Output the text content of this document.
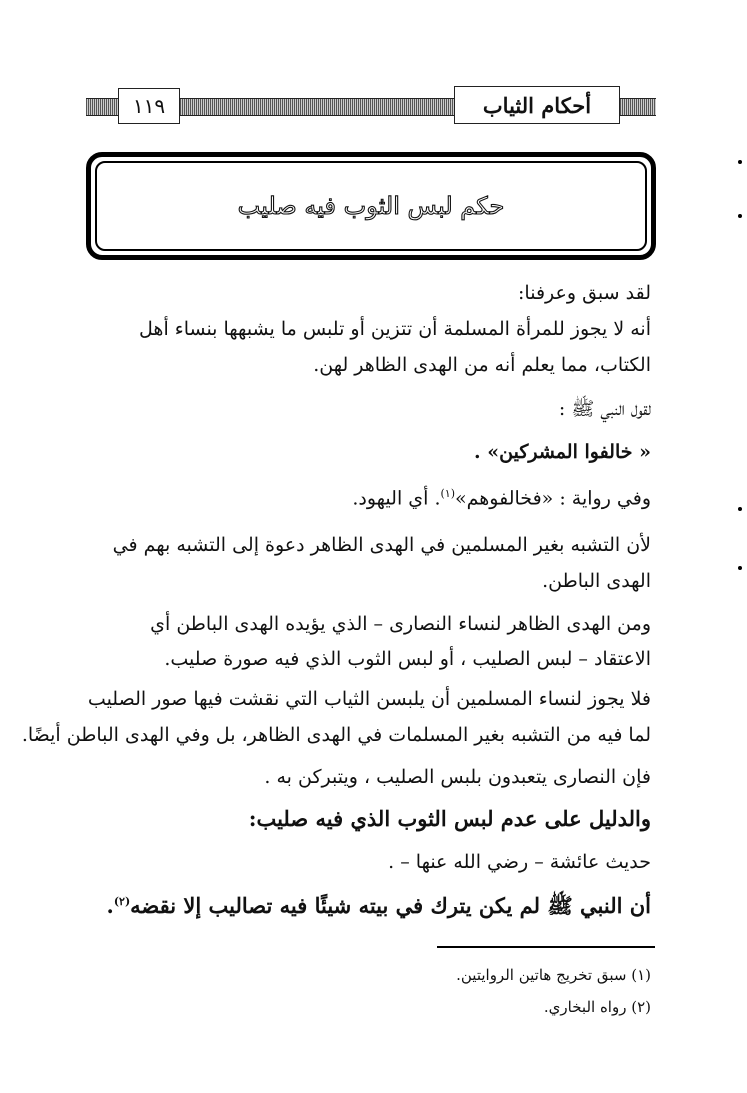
١١٩	أحكام الثياب
حكم لبس الثوب فيه صليب
لقد سبق وعرفنا:
أنه لا يجوز للمرأة المسلمة أن تتزين أو تلبس ما يشبهها بنساء أهل
الكتاب، مما يعلم أنه من الهدى الظاهر لهن.
لقول النبي ﷺ :
« خالفوا المشركين» .
وفي رواية : «فخالفوهم»$^{(١)}$. أي اليهود.
لأن التشبه بغير المسلمين في الهدى الظاهر دعوة إلى التشبه بهم في
الهدى الباطن.
ومن الهدى الظاهر لنساء النصارى – الذي يؤيده الهدى الباطن أي
الاعتقاد – لبس الصليب ، أو لبس الثوب الذي فيه صورة صليب.
فلا يجوز لنساء المسلمين أن يلبسن الثياب التي نقشت فيها صور الصليب
لما فيه من التشبه بغير المسلمات في الهدى الظاهر، بل وفي الهدى الباطن أيضًا.
فإن النصارى يتعبدون بلبس الصليب ، ويتبركن به .
والدليل على عدم لبس الثوب الذي فيه صليب:
حديث عائشة – رضي الله عنها – .
أن النبي ﷺ لم يكن يترك في بيته شيئًا فيه تصاليب إلا نقضه$^{(٢)}$.
(١) سبق تخريج هاتين الروايتين.
(٢) رواه البخاري.
